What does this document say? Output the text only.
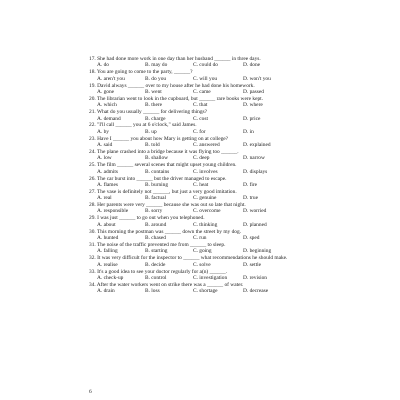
17. She had done more work in one day than her husband ______ in three days.
A. do	B. may do	C. could do	D. done
18. You are going to come to the party, ______?
A. aren't you	B. do you	C. will you	D. won't you
19. David always ______ over to my house after he had done his homework.
A. gone	B. went	C. came	D. passed
20. The librarian went to look in the cupboard, but ______ rare books were kept.
A. which	B. there	C. that	D. where
21. What do you usually ______ for delivering things?
A. demand	B. charge	C. cost	D. price
22. "I'll call ______ you at 6 o'clock," said James.
A. by	B. up	C. for	D. in
23. Have I ______ you about how Mary is getting on at college?
A. said	B. told	C. answered	D. explained
24. The plane crashed into a bridge because it was flying too ______.
A. low	B. shallow	C. deep	D. narrow
25. The film ______ several scenes that might upset young children.
A. admits	B. contains	C. involves	D. displays
26. The car burst into ______ but the driver managed to escape.
A. flames	B. burning	C. heat	D. fire
27. The vase is definitely not ______, but just a very good imitation.
A. real	B. factual	C. genuine	D. true
28. Her parents were very ______ because she was out so late that night.
A. responsible	B. sorry	C. overcome	D. worried
29. I was just ______ to go out when you telephoned.
A. about	B. around	C. thinking	D. planned
30. This morning the postman was ______ down the street by my dog.
A. hunted	B. chased	C. run	D. sped
31. The noise of the traffic prevented me from ______ to sleep.
A. falling	B. starting	C. going	D. beginning
32. It was very difficult for the inspector to ______ what recommendations he should make.
A. realise	B. decide	C. solve	D. settle
33. It's a good idea to see your doctor regularly for a(n) ______.
A. check-up	B. control	C. investigation	D. revision
34. After the water workers went on strike there was a ______ of water.
A. drain	B. loss	C. shortage	D. decrease
6
